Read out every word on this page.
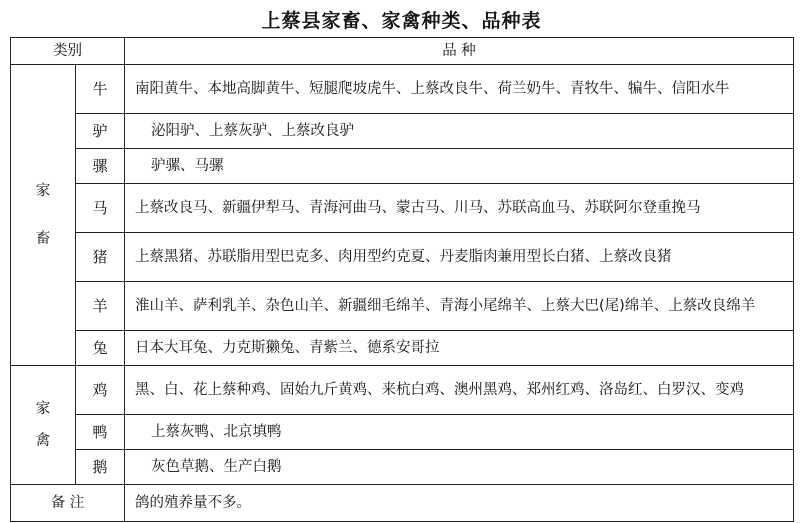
上蔡县家畜、家禽种类、品种表
类别		品 种

家
畜	牛	南阳黄牛、本地高脚黄牛、短腿爬坡虎牛、上蔡改良牛、荷兰奶牛、青牧牛、犏牛、信阳水牛
	驴	泌阳驴、上蔡灰驴、上蔡改良驴
	骡	驴骡、马骡
	马	上蔡改良马、新疆伊犁马、青海河曲马、蒙古马、川马、苏联高血马、苏联阿尔登重挽马
	猪	上蔡黑猪、苏联脂用型巴克多、肉用型约克夏、丹麦脂肉兼用型长白猪、上蔡改良猪
	羊	淮山羊、萨利乳羊、杂色山羊、新疆细毛绵羊、青海小尾绵羊、上蔡大巴(尾)绵羊、上蔡改良绵羊
	兔	日本大耳兔、力克斯獭兔、青紫兰、德系安哥拉

家
禽	鸡	黑、白、花上蔡种鸡、固始九斤黄鸡、来杭白鸡、澳州黑鸡、郑州红鸡、洛岛红、白罗汉、变鸡
	鸭	上蔡灰鸭、北京填鸭
	鹅	灰色草鹅、生产白鹅
备 注		鸽的殖养量不多。
